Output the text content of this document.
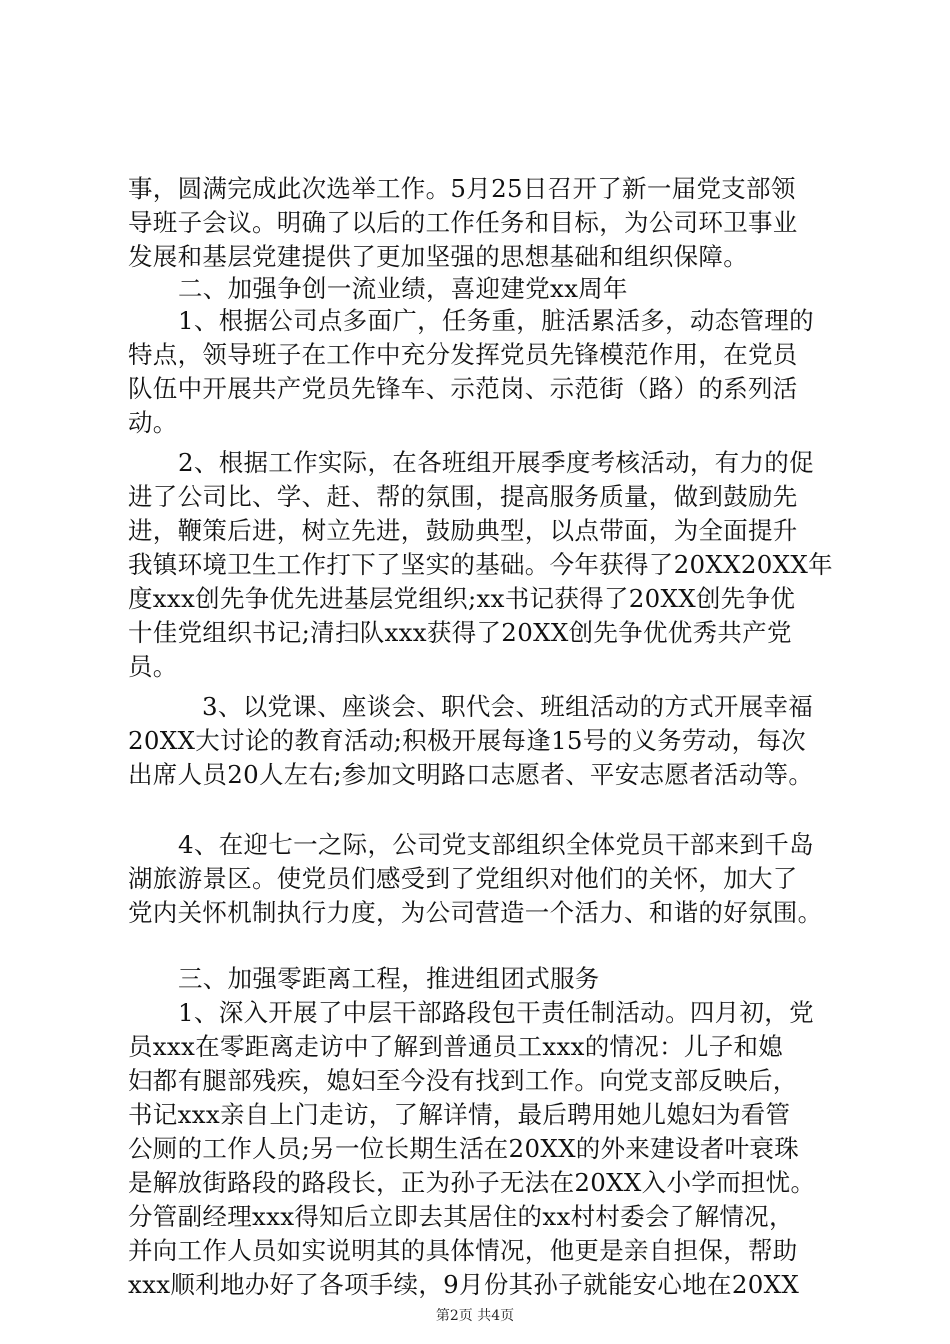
事，圆满完成此次选举工作。5月25日召开了新一届党支部领
导班子会议。明确了以后的工作任务和目标，为公司环卫事业
发展和基层党建提供了更加坚强的思想基础和组织保障。
二、加强争创一流业绩，喜迎建党xx周年
1、根据公司点多面广，任务重，脏活累活多，动态管理的
特点，领导班子在工作中充分发挥党员先锋模范作用，在党员
队伍中开展共产党员先锋车、示范岗、示范街（路）的系列活
动。
2、根据工作实际，在各班组开展季度考核活动，有力的促
进了公司比、学、赶、帮的氛围，提高服务质量，做到鼓励先
进，鞭策后进，树立先进，鼓励典型，以点带面，为全面提升
我镇环境卫生工作打下了坚实的基础。今年获得了20XX20XX年
度xxx创先争优先进基层党组织;xx书记获得了20XX创先争优
十佳党组织书记;清扫队xxx获得了20XX创先争优优秀共产党
员。
3、以党课、座谈会、职代会、班组活动的方式开展幸福
20XX大讨论的教育活动;积极开展每逢15号的义务劳动，每次
出席人员20人左右;参加文明路口志愿者、平安志愿者活动等。
4、在迎七一之际，公司党支部组织全体党员干部来到千岛
湖旅游景区。使党员们感受到了党组织对他们的关怀，加大了
党内关怀机制执行力度，为公司营造一个活力、和谐的好氛围。
三、加强零距离工程，推进组团式服务
1、深入开展了中层干部路段包干责任制活动。四月初，党
员xxx在零距离走访中了解到普通员工xxx的情况：儿子和媳
妇都有腿部残疾，媳妇至今没有找到工作。向党支部反映后，
书记xxx亲自上门走访，了解详情，最后聘用她儿媳妇为看管
公厕的工作人员;另一位长期生活在20XX的外来建设者叶衰珠
是解放街路段的路段长，正为孙子无法在20XX入小学而担忧。
分管副经理xxx得知后立即去其居住的xx村村委会了解情况，
并向工作人员如实说明其的具体情况，他更是亲自担保，帮助
xxx顺利地办好了各项手续，9月份其孙子就能安心地在20XX
第2页 共4页
